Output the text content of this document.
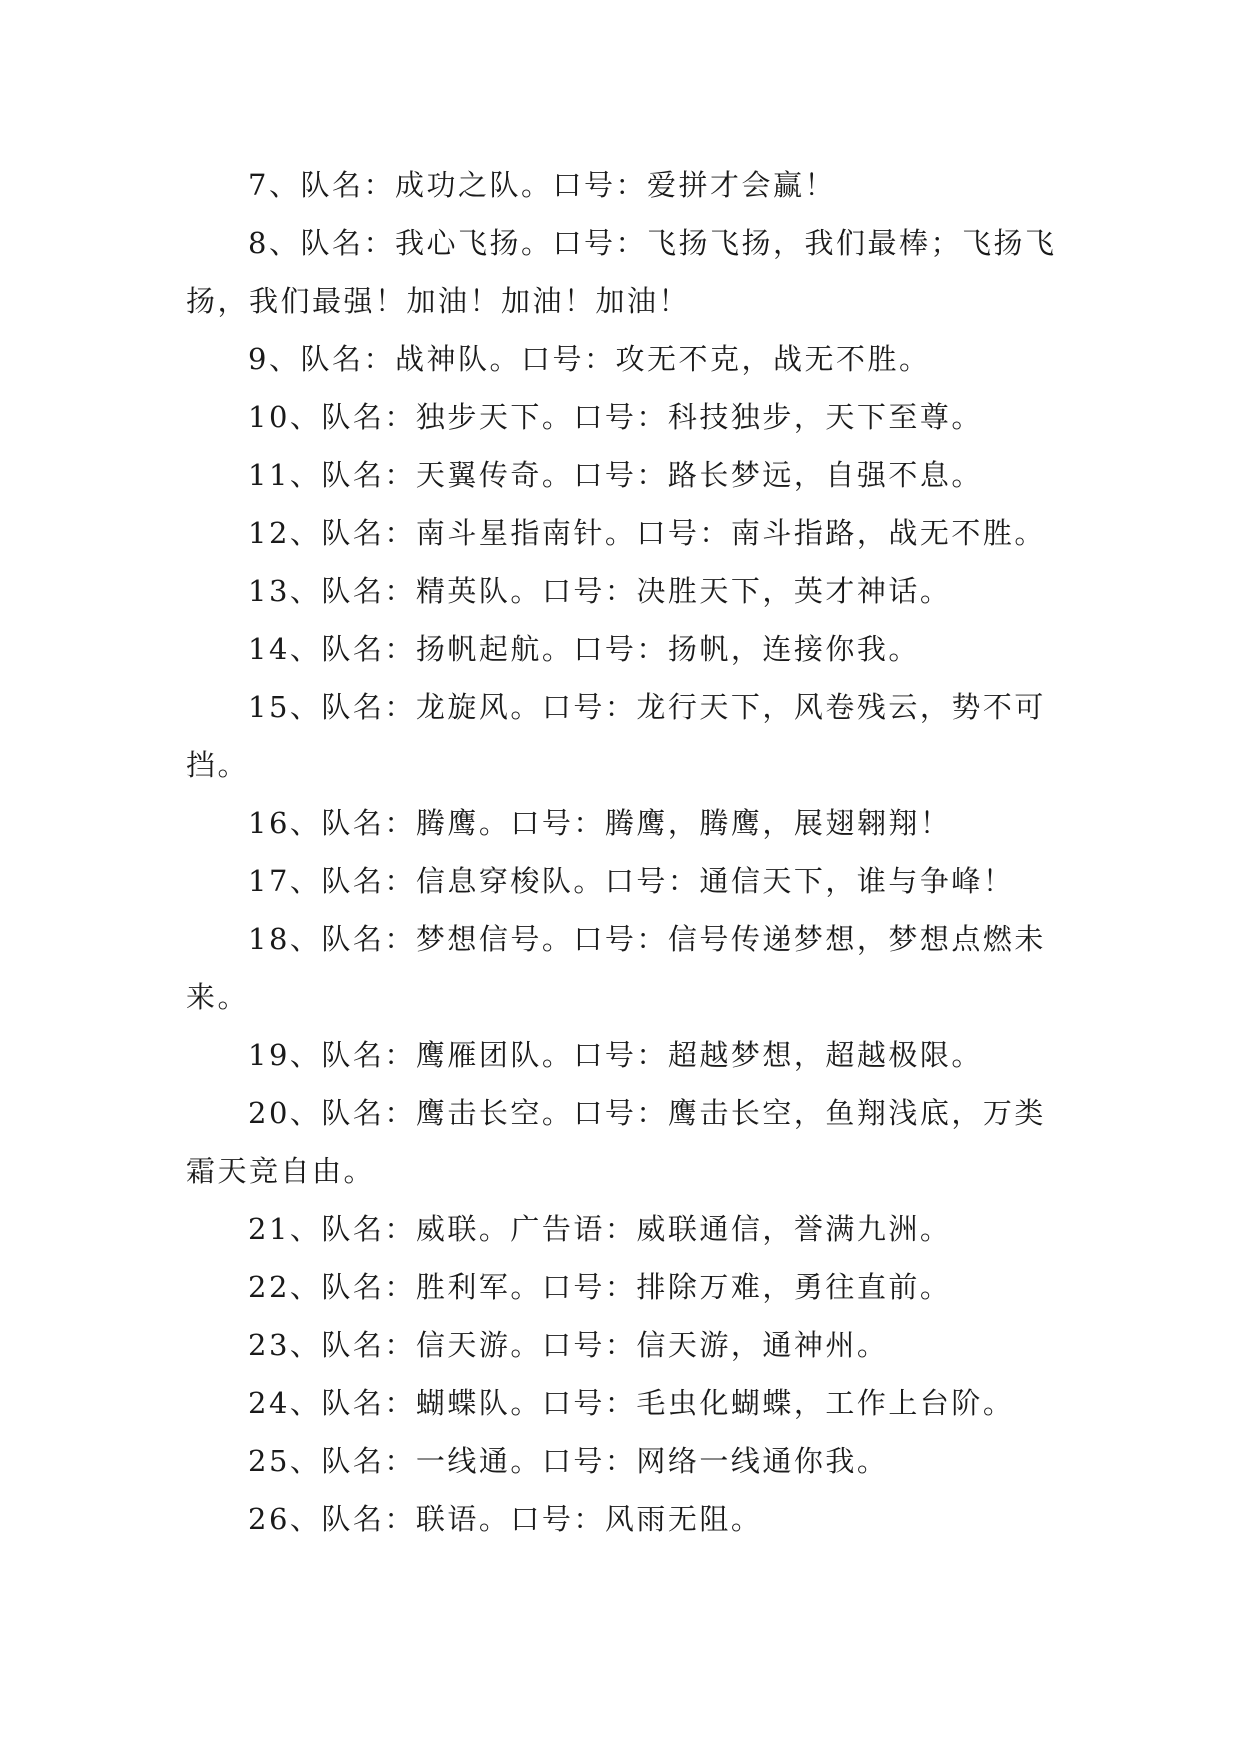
7、队名：成功之队。口号：爱拼才会赢！

8、队名：我心飞扬。口号：飞扬飞扬，我们最棒；飞扬飞扬，我们最强！加油！加油！加油！

9、队名：战神队。口号：攻无不克，战无不胜。

10、队名：独步天下。口号：科技独步，天下至尊。

11、队名：天翼传奇。口号：路长梦远，自强不息。

12、队名：南斗星指南针。口号：南斗指路，战无不胜。

13、队名：精英队。口号：决胜天下，英才神话。

14、队名：扬帆起航。口号：扬帆，连接你我。

15、队名：龙旋风。口号：龙行天下，风卷残云，势不可挡。

16、队名：腾鹰。口号：腾鹰，腾鹰，展翅翱翔！

17、队名：信息穿梭队。口号：通信天下，谁与争峰！

18、队名：梦想信号。口号：信号传递梦想，梦想点燃未来。

19、队名：鹰雁团队。口号：超越梦想，超越极限。

20、队名：鹰击长空。口号：鹰击长空，鱼翔浅底，万类霜天竞自由。

21、队名：威联。广告语：威联通信，誉满九洲。

22、队名：胜利军。口号：排除万难，勇往直前。

23、队名：信天游。口号：信天游，通神州。

24、队名：蝴蝶队。口号：毛虫化蝴蝶，工作上台阶。

25、队名：一线通。口号：网络一线通你我。

26、队名：联语。口号：风雨无阻。
